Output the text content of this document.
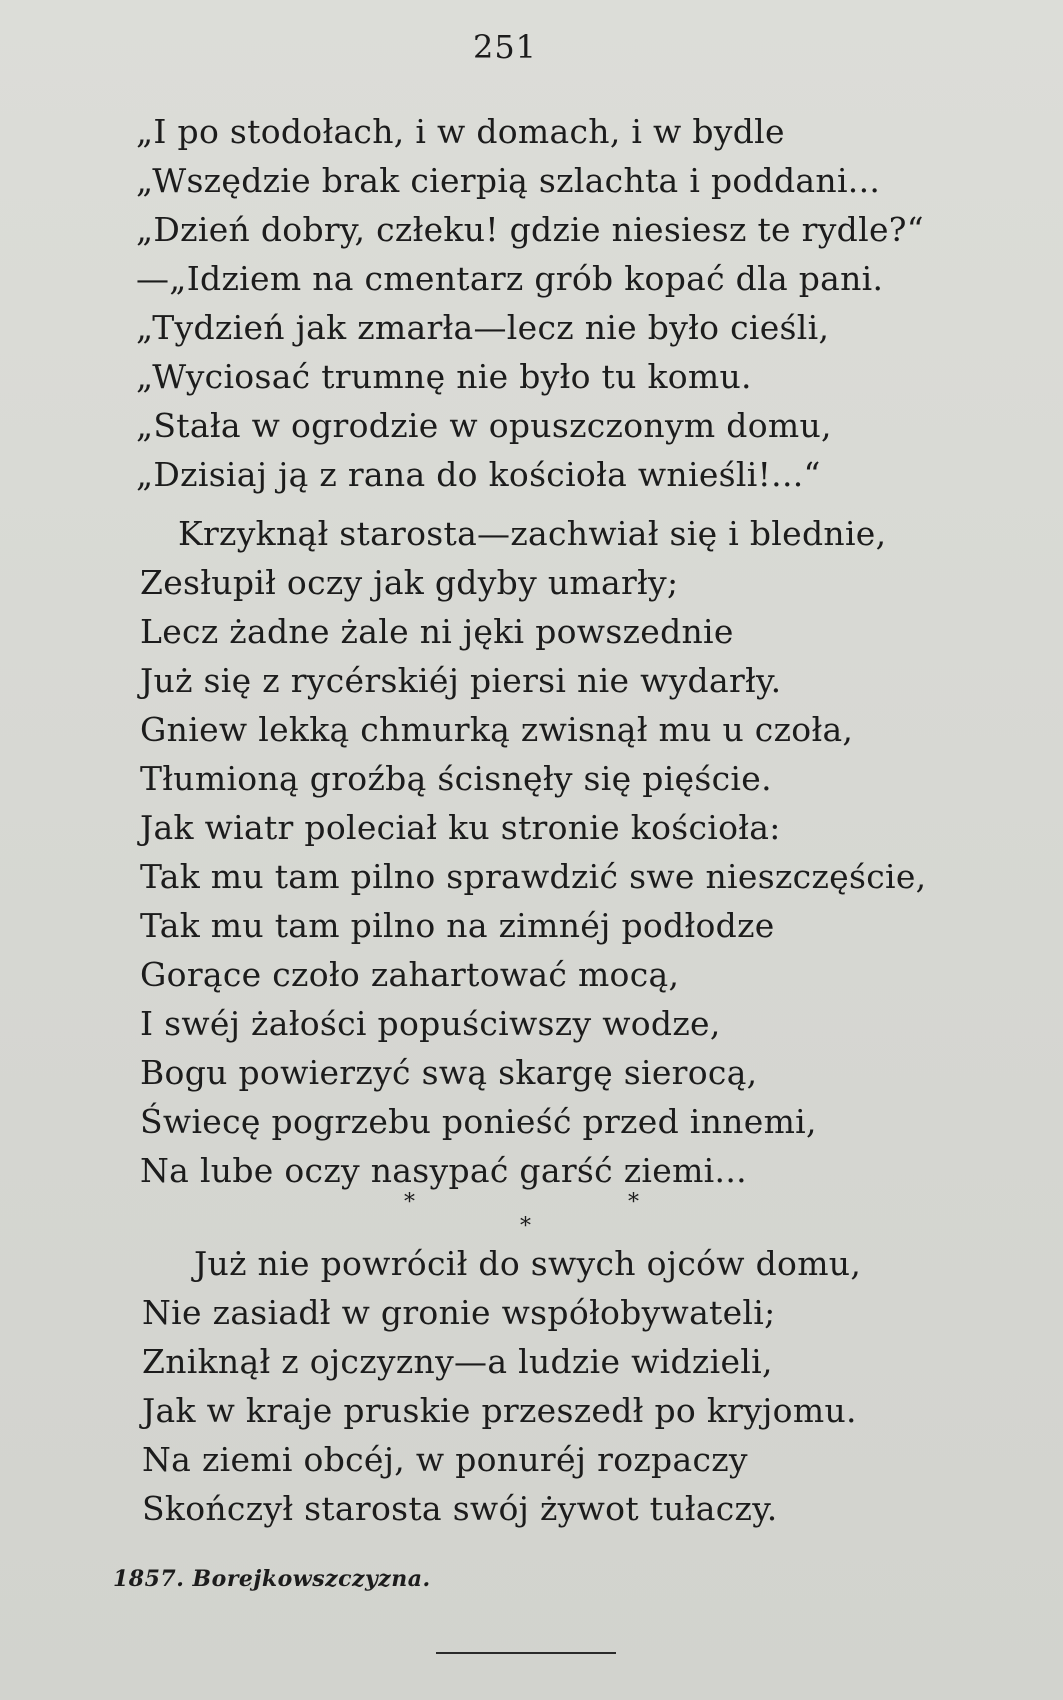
251
„I po stodołach, i w domach, i w bydle
„Wszędzie brak cierpią szlachta i poddani...
„Dzień dobry, człeku! gdzie niesiesz te rydle?“
—„Idziem na cmentarz grób kopać dla pani.
„Tydzień jak zmarła—lecz nie było cieśli,
„Wyciosać trumnę nie było tu komu.
„Stała w ogrodzie w opuszczonym domu,
„Dzisiaj ją z rana do kościoła wnieśli!...“
Krzyknął starosta—zachwiał się i blednie,
Zesłupił oczy jak gdyby umarły;
Lecz żadne żale ni jęki powszednie
Już się z rycérskiéj piersi nie wydarły.
Gniew lekką chmurką zwisnął mu u czoła,
Tłumioną groźbą ścisnęły się pięście.
Jak wiatr poleciał ku stronie kościoła:
Tak mu tam pilno sprawdzić swe nieszczęście,
Tak mu tam pilno na zimnéj podłodze
Gorące czoło zahartować mocą,
I swéj żałości popuściwszy wodze,
Bogu powierzyć swą skargę sierocą,
Świecę pogrzebu ponieść przed innemi,
Na lube oczy nasypać garść ziemi...
*
*
*
Już nie powrócił do swych ojców domu,
Nie zasiadł w gronie współobywateli;
Zniknął z ojczyzny—a ludzie widzieli,
Jak w kraje pruskie przeszedł po kryjomu.
Na ziemi obcéj, w ponuréj rozpaczy
Skończył starosta swój żywot tułaczy.
1857. Borejkowszczyzna.
